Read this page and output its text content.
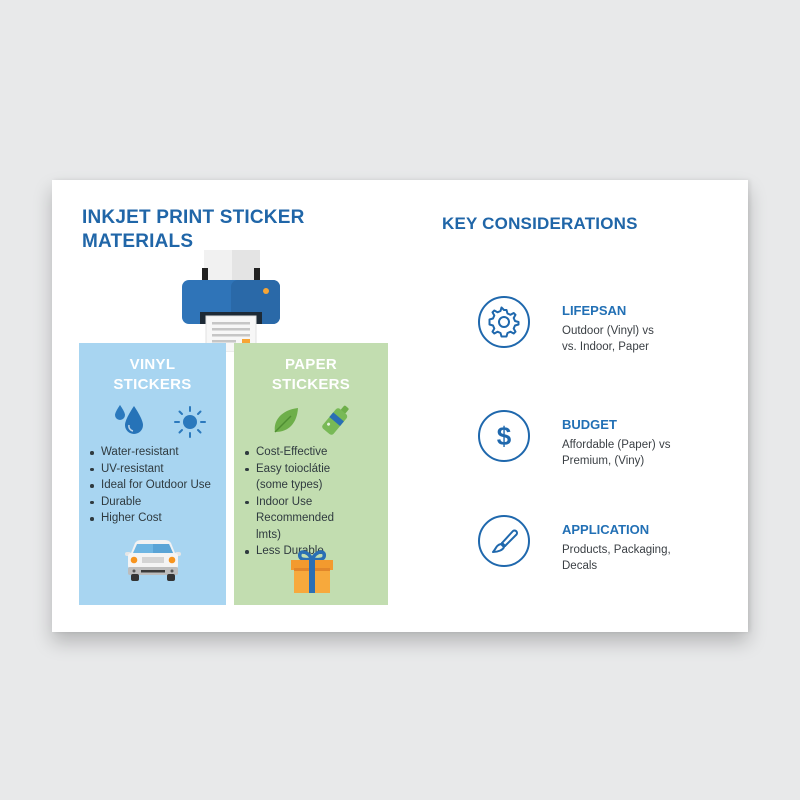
INKJET PRINT STICKER MATERIALS
VINYL
STICKERS
Water-resistant
UV-resistant
Ideal for Outdoor Use
Durable
Higher Cost
PAPER
STICKERS
Cost-Effective
Easy toioclátie
(some types)
Indoor Use Recommended
lmts)
Less Durable
KEY CONSIDERATIONS
LIFEPSAN
Outdoor (Vinyl) vs
vs. Indoor, Paper
$	BUDGET
Affordable (Paper) vs
Premium, (Viny)
APPLICATION
Products, Packaging,
Decals
